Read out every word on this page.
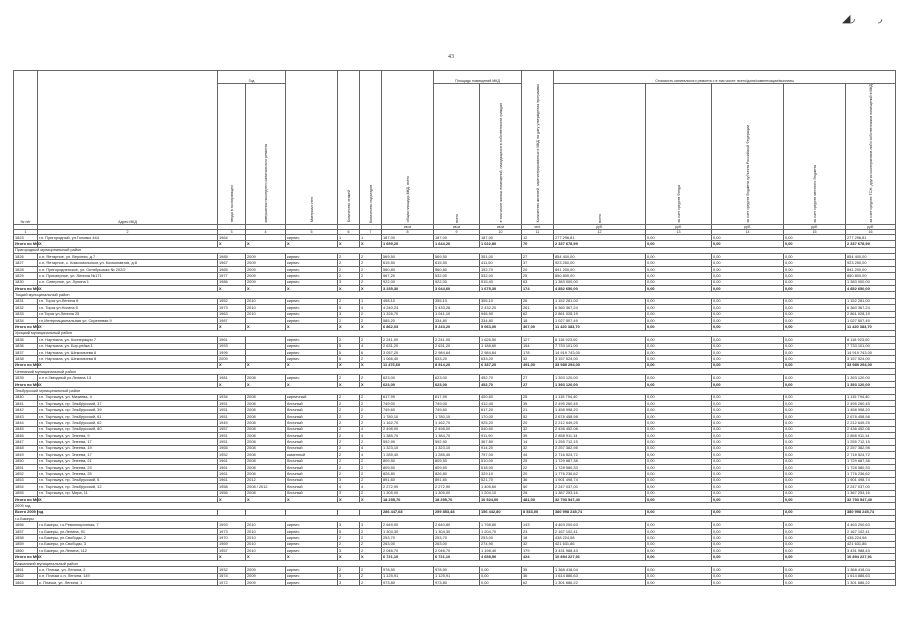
◢◞ ◞
43
№ п/п	Адрес МКД	Год		Материал стен	Количество этажей	Количество подъездов	общая площадь МКД, всего	Площадь помещений МКД		Количество жителей, зарегистрированных в МКД на дату утверждения программы	Стоимость капитального ремонта с в том числе: всего/доли/компенсации/выплаты				
		ввода в эксплуатацию	завершения последнего капитального ремонта					всего	в том числе жилых помещений, находящихся в собственности граждан		всего	за счет средств Фонда	за счет средств бюджета субъекта Российской Федерации	за счет средств местного бюджета	за счет средств ТСЖ, других кооперативов либо собственников помещений в МКД
							кв.м	кв.м	кв.м	чел.	руб.	руб.	руб.	руб.	руб.
1	2	3	4	5	6	7	8	9	10	11	12	13	14	15	16
1823	г.п. Пригородный, ул.Головко 444	1964		кирпич	1	1	187,00	187,00	187,00	12	277 296,81	0,00	0,00	0,00	277 296,81
Итого по МО	X	X	X	X	X	X	1 659,20	1 644,20	1 022,80	70	2 337 678,99	0,00	0,00	0,00	2 337 678,99
Пригородный муниципальный район															
1826	с.п. Янтарное, ул. Верхняя, д.7	1985	2009	кирпич	2	2	569,50	569,50	351,00	27	854 400,00	0,00	0,00	0,00	854 400,00
1827	с.п. Янтарное, с. Комсомольское,ул. Космонавтов, д.8	1967	2009	кирпич	2	2	615,50	615,50	411,50	37	923 250,00	0,00	0,00	0,00	923 250,00
1828	с.п. Пригородненское, ул. Октябрьская № 202/2	1965	2009	кирпич	2	2	560,80	560,80	192,70	20	841 200,00	0,00	0,00	0,00	841 200,00
1829	с.п. Приозерное, ул. Ленина №171	1977	2009	кирпич	2	2	567,20	532,00	532,00	25	850 800,00	0,00	0,00	0,00	850 800,00
1830	с.п. Северное, ул. Лунина 1	1986	2009	кирпич	3	2	922,00	922,00	515,40	63	1 383 000,00	0,00	0,00	0,00	1 383 000,00
Итого по МО	X	X	X	X	X	X	3 235,30	3 044,60	1 675,30	174	4 852 650,00	0,00	0,00	0,00	4 852 650,00
Тоцкий муниципальный район															
1831	г.п. Торск ул.Ленина 6	1952	2010	кирпич	2	1	498,10	355,10	355,10	26	1 152 281,00	0,00	0,00	0,00	1 152 281,00
1832	г.п. Торск ул.Ногина 5	1973	2010	кирпич	5	4	4 240,24	3 433,28	2 432,20	261	6 360 367,24	0,00	0,00	0,00	6 360 367,24
1833	г.п.Торск ул.Ленина 25	1963	2010	кирпич	3	2	1 326,70	1 041,10	946,90	62	2 861 028,19	0,00	0,00	0,00	2 861 028,19
1834	г.п.Интернациональная ул. Сиреневая 9	1987		кирпич	2	2	585,20	334,80	334,80	18	1 027 507,49	0,00	0,00	0,00	1 027 507,49
Итого по МО	X	X	X	X	X	X	6 862,03	5 243,20	5 063,00	367,00	11 420 383,70	0,00	0,00	0,00	11 420 383,70
Урицкий муниципальный район															
1835	г.п. Нарткала, ул. Кооперации 7	1961		кирпич	2	2	2 241,00	2 241,00	1 626,50	127	8 118 923,00	0,00	0,00	0,00	8 118 923,00
1836	г.п. Нарткала, ул. Бор-рейка 1	1993		кирпич	5	4	2 631,20	2 631,20	1 188,60	154	7 733 101,00	0,00	0,00	0,00	7 733 101,00
1837	г.п. Нарткала, ул. Шекихачева 6	1999		кирпич	5	6	3 057,20	2 984,64	2 984,64	178	14 919 743,00	0,00	0,00	0,00	14 919 743,00
1838	г.п. Нарткала, ул. Шекихачева 8	2009		кирпич	5	2	1 066,40	633,20	633,20	32	3 157 524,00	0,00	0,00	0,00	3 157 524,00
Итого по МО	X	X	X	X	X	X	11 476,60	8 914,20	6 337,20	491,00	33 989 294,00	0,00	0,00	0,00	33 989 294,00
Чегемский муниципальный район															
1839	с.п п.Звездный ул.Ленина 13	1981	2008	кирпич	2	2	623,00	623,00	452,70	27	1 393 120,00	0,00	0,00	0,00	1 393 120,00
Итого по МО	X	X	X	X	X	X	623,00	623,00	452,70	27	1 393 120,00	0,00	0,00	0,00	1 393 120,00
Эльбрусский муниципальный район															
1840	г.п. Тырныауз, ул. Мизиева, 4	1934	2008	кирпичный	2	2	617,99	617,99	400,60	25	1 115 794,40	0,00	0,00	0,00	1 115 794,40
1841	г.п. Тырныауз, пр. Эльбрусский, 37	1951	2008	блочный	2	2	749,00	749,00	412,40	35	2 495 260,45	0,00	0,00	0,00	2 495 260,45
1842	г.п. Тырныауз, пр. Эльбрусский, 39	1951	2008	блочный	2	2	749,60	749,60	617,20	21	1 458 998,20	0,00	0,00	0,00	1 458 998,20
1843	г.п. Тырныауз, пр. Эльбрусский, 61	1951	2008	блочный	2	2	1 780,10	1 780,10	170,00	52	2 678 458,98	0,00	0,00	0,00	2 678 458,98
1844	г.п. Тырныауз, пр. Эльбрусский, 62	1949	2008	блочный	2	2	1 162,70	1 162,70	925,20	20	2 212 649,25	0,00	0,00	0,00	2 212 649,25
1845	г.п. Тырныауз, пр. Эльбрусский, 80	1957	2008	блочный	2	4	2 498,00	2 498,00	540,60	32	2 436 452,08	0,00	0,00	0,00	2 436 452,08
1846	г.п. Тырныауз, ул. Энеева, 9	1951	2008	блочный	2	4	1 385,70	1 384,70	911,90	39	2 858 911,14	0,00	0,00	0,00	2 858 911,14
1847	г.п. Тырныауз, ул. Энеева, 17	1951	2008	блочный	2	2	592,90	592,90	367,80	14	1 255 712,15	0,00	0,00	0,00	1 255 712,15
1848	г.п. Тырныауз, ул. Энеева, 19	1965	2008	блочный	2	4	1 323,10	1 323,10	914,20	32	2 257 382,98	0,00	0,00	0,00	2 257 382,98
1849	г.п. Тырныауз, ул. Энеева, 17	1952	2008	каменный	2	4	1 285,40	1 285,40	797,00	44	2 716 524,72	0,00	0,00	0,00	2 716 524,72
1850	г.п. Тырныауз, ул. Энеева, 21	1961	2008	блочный	2	2	809,50	809,50	510,00	25	1 729 687,38	0,00	0,00	0,00	1 729 687,38
1851	г.п. Тырныауз, ул. Энеева, 23	1961	2008	блочный	2	2	809,50	809,50	518,00	22	1 728 580,33	0,00	0,00	0,00	1 728 580,33
1852	г.п. Тырныауз, ул. Энеева, 25	1961	2008	блочный	2	2	826,80	826,80	329,10	20	1 776 236,62	0,00	0,00	0,00	1 776 236,62
1853	г.п. Тырныауз, пр. Эльбрусский, 5	1961	2012	блочный	3	2	891,60	891,60	521,70	36	1 901 498,74	0,00	0,00	0,00	1 901 498,74
1854	г.п. Тырныауз, пр. Эльбрусский, 12	1958	2008 / 2012	блочный	4	4	2 272,90	2 272,90	1 405,60	50	2 247 037,00	0,00	0,00	0,00	2 247 037,00
1855	г.п. Тырныауз, пр. Мира, 11	1956	2008	блочный	3	2	1 305,00	1 305,00	1 204,10	26	1 367 253,16	0,00	0,00	0,00	1 367 253,16
Итого по МО	X	X	X	X	X	X	18 255,70	18 255,70	10 524,00	481,00	32 793 547,40	0,00	0,00	0,00	32 793 547,40
2009 год															
Всего 2009 год							286 447,68	259 853,48	156 442,80	8 533,00	380 998 245,74	0,00	0,00	0,00	380 998 245,74
г.о.Бакеры															
1856	г.о.Бакеры, г.о.Революционная, 7	1993	2010	кирпич	3	3	2 649,00	2 640,80	1 798,80	143	4 463 200,63	0,00	0,00	0,00	4 463 200,63
1857	г.о.Бакеры, ул.Ленина, 91	1973	2010	кирпич	5	2	1 304,30	1 304,30	1 204,70	23	2 167 102,41	0,00	0,00	0,00	2 167 102,41
1858	г.о.Бакеры, ул.Свободы, 2	1970	2010	кирпич	2	2	253,70	253,70	253,00	18	438 224,58	0,00	0,00	0,00	438 224,58
1859	г.о.Бакеры, ул.Свободы, 3	1969	2010	кирпич	2	2	263,00	263,00	274,90	32	421 631,86	0,00	0,00	0,00	421 631,86
1860	г.о.Бакеры, ул.Ленина, 112	1957	2010	кирпич	3	2	2 046,70	2 046,70	1 198,40	179	3 431 988,43	0,00	0,00	0,00	3 431 988,43
Итого по МО	X	X	X	X	X	X	6 721,10	6 721,10	4 658,50	424	10 894 227,91	0,00	0,00	0,00	10 894 227,91
Баксанский муниципальный район															
1861	с.п. Плачки, ул. Ленина, 2	1932	2009	кирпич	2	2	978,50	978,50	0,00	35	1 368 418,04	0,00	0,00	0,00	1 368 418,04
1862	с.п. Плачки с.п. Ленина, 149	1974	2009	кирпич	3	2	1 125,91	1 125,91	0,00	36	1 614 886,63	0,00	0,00	0,00	1 614 886,63
1863	с. Плачки, ул. Ленина, 1	1972	2009	кирпич	3	2	973,80	973,80	0,00	62	1 301 686,22	0,00	0,00	0,00	1 301 686,22
